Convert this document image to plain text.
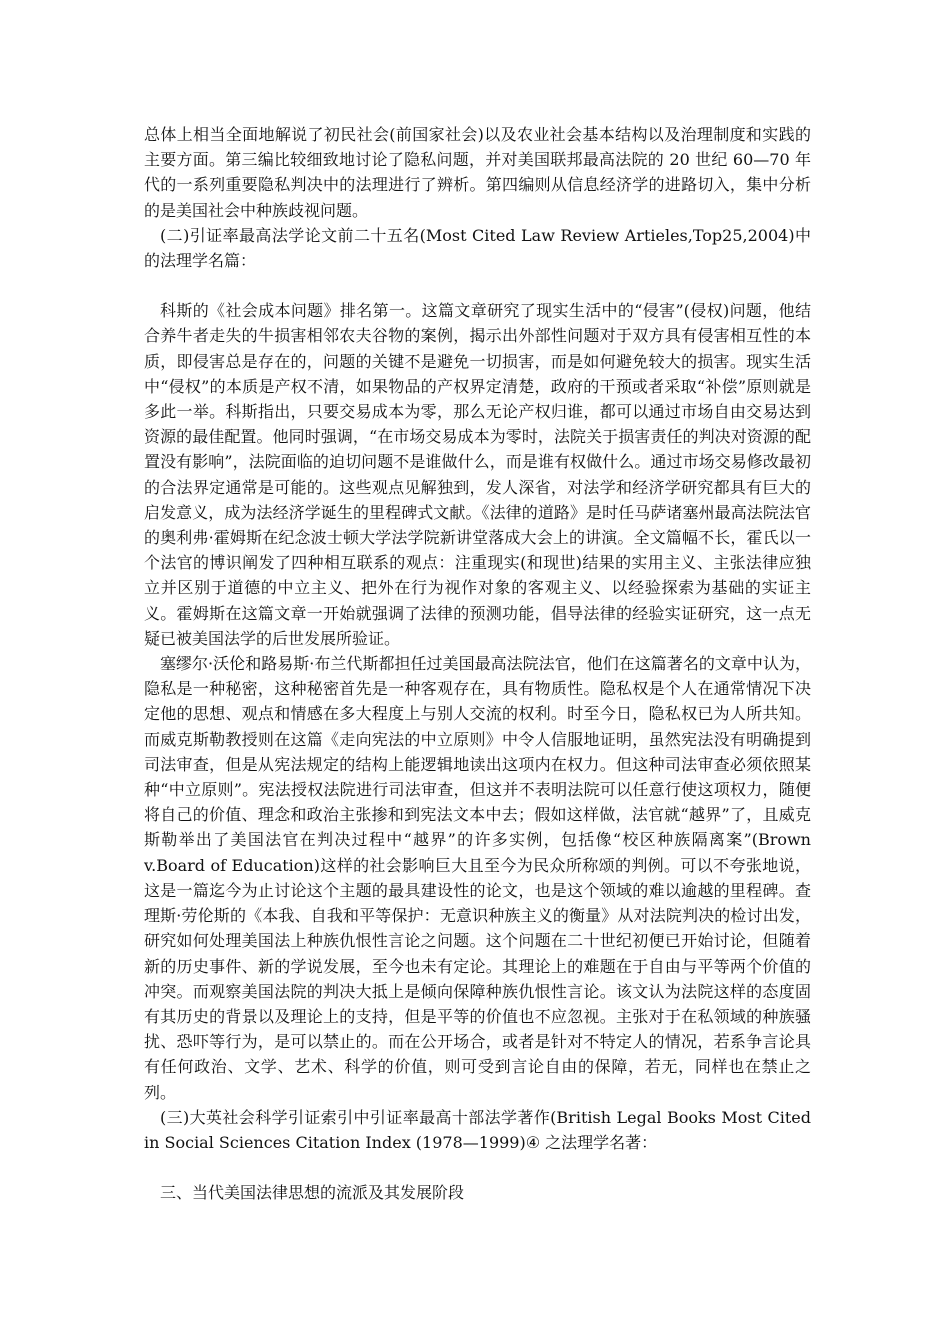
总体上相当全面地解说了初民社会(前国家社会)以及农业社会基本结构以及治理制度和实践的主要方面。第三编比较细致地讨论了隐私问题，并对美国联邦最高法院的 20 世纪 60—70 年代的一系列重要隐私判决中的法理进行了辨析。第四编则从信息经济学的进路切入，集中分析的是美国社会中种族歧视问题。

(二)引证率最高法学论文前二十五名(Most Cited Law Review Artieles,Top25,2004)中的法理学名篇：

科斯的《社会成本问题》排名第一。这篇文章研究了现实生活中的“侵害”(侵权)问题，他结合养牛者走失的牛损害相邻农夫谷物的案例，揭示出外部性问题对于双方具有侵害相互性的本质，即侵害总是存在的，问题的关键不是避免一切损害，而是如何避免较大的损害。现实生活中“侵权”的本质是产权不清，如果物品的产权界定清楚，政府的干预或者采取“补偿”原则就是多此一举。科斯指出，只要交易成本为零，那么无论产权归谁，都可以通过市场自由交易达到资源的最佳配置。他同时强调，“在市场交易成本为零时，法院关于损害责任的判决对资源的配置没有影响”，法院面临的迫切问题不是谁做什么，而是谁有权做什么。通过市场交易修改最初的合法界定通常是可能的。这些观点见解独到，发人深省，对法学和经济学研究都具有巨大的启发意义，成为法经济学诞生的里程碑式文献。《法律的道路》是时任马萨诸塞州最高法院法官的奥利弗·霍姆斯在纪念波士顿大学法学院新讲堂落成大会上的讲演。全文篇幅不长，霍氏以一个法官的博识阐发了四种相互联系的观点：注重现实(和现世)结果的实用主义、主张法律应独立并区别于道德的中立主义、把外在行为视作对象的客观主义、以经验探索为基础的实证主义。霍姆斯在这篇文章一开始就强调了法律的预测功能，倡导法律的经验实证研究，这一点无疑已被美国法学的后世发展所验证。

塞缪尔·沃伦和路易斯·布兰代斯都担任过美国最高法院法官，他们在这篇著名的文章中认为，隐私是一种秘密，这种秘密首先是一种客观存在，具有物质性。隐私权是个人在通常情况下决定他的思想、观点和情感在多大程度上与别人交流的权利。时至今日，隐私权已为人所共知。而威克斯勒教授则在这篇《走向宪法的中立原则》中令人信服地证明，虽然宪法没有明确提到司法审查，但是从宪法规定的结构上能逻辑地读出这项内在权力。但这种司法审查必须依照某种“中立原则”。宪法授权法院进行司法审查，但这并不表明法院可以任意行使这项权力，随便将自己的价值、理念和政治主张掺和到宪法文本中去；假如这样做，法官就“越界”了，且威克斯勒举出了美国法官在判决过程中“越界”的许多实例，包括像“校区种族隔离案”(Brown v.Board of Education)这样的社会影响巨大且至今为民众所称颂的判例。可以不夸张地说，这是一篇迄今为止讨论这个主题的最具建设性的论文，也是这个领域的难以逾越的里程碑。查理斯·劳伦斯的《本我、自我和平等保护：无意识种族主义的衡量》从对法院判决的检讨出发，研究如何处理美国法上种族仇恨性言论之问题。这个问题在二十世纪初便已开始讨论，但随着新的历史事件、新的学说发展，至今也未有定论。其理论上的难题在于自由与平等两个价值的冲突。而观察美国法院的判决大抵上是倾向保障种族仇恨性言论。该文认为法院这样的态度固有其历史的背景以及理论上的支持，但是平等的价值也不应忽视。主张对于在私领域的种族骚扰、恐吓等行为，是可以禁止的。而在公开场合，或者是针对不特定人的情况，若系争言论具有任何政治、文学、艺术、科学的价值，则可受到言论自由的保障，若无，同样也在禁止之列。

(三)大英社会科学引证索引中引证率最高十部法学著作(British Legal Books Most Cited in Social Sciences Citation Index (1978—1999)④ 之法理学名著：

三、当代美国法律思想的流派及其发展阶段
